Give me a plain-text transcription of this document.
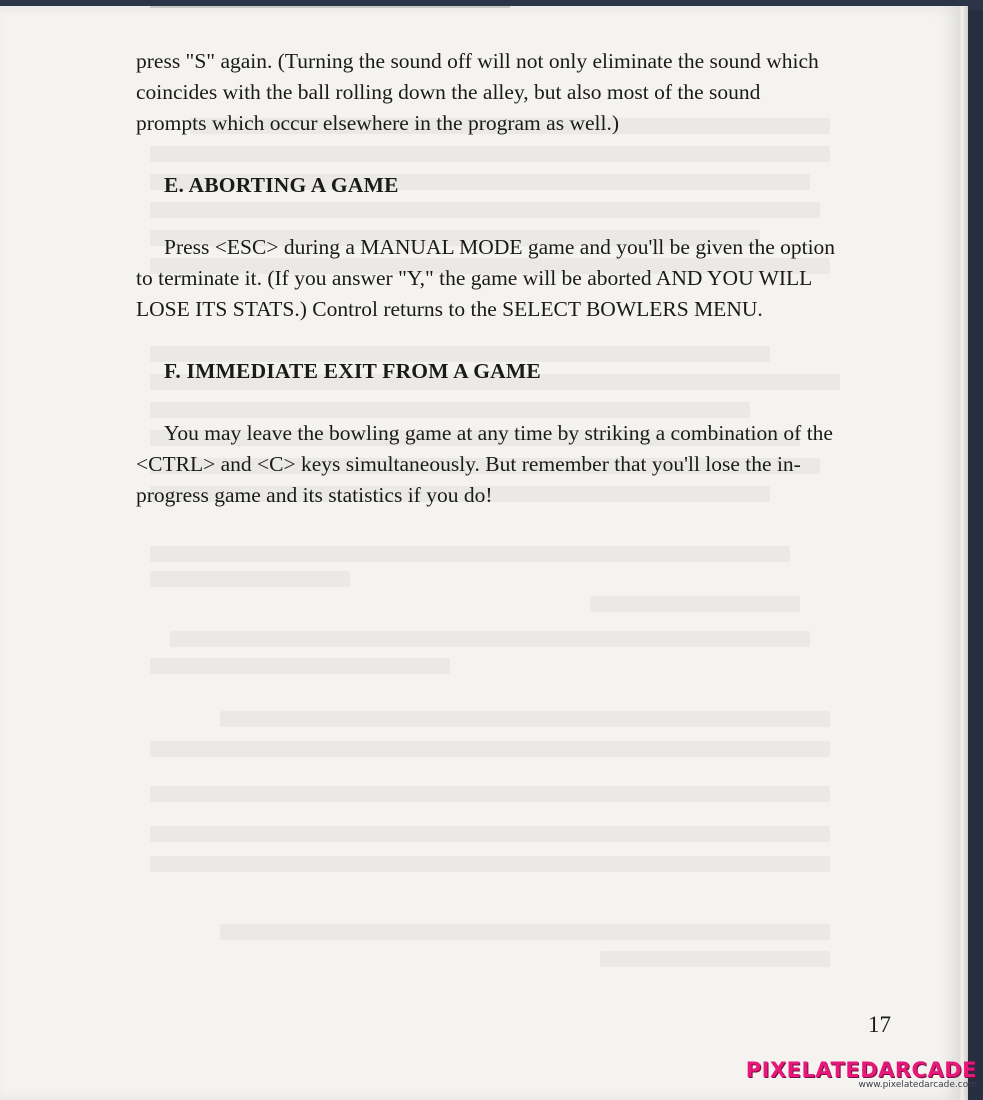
press "S" again. (Turning the sound off will not only eliminate the sound which coincides with the ball rolling down the alley, but also most of the sound prompts which occur elsewhere in the program as well.)

E. ABORTING A GAME

Press <ESC> during a MANUAL MODE game and you'll be given the option to terminate it. (If you answer "Y," the game will be aborted AND YOU WILL LOSE ITS STATS.) Control returns to the SELECT BOWLERS MENU.

F. IMMEDIATE EXIT FROM A GAME

You may leave the bowling game at any time by striking a combination of the <CTRL> and <C> keys simultaneously. But remember that you'll lose the in-progress game and its statistics if you do!

17
PIXELATEDARCADE
www.pixelatedarcade.com
